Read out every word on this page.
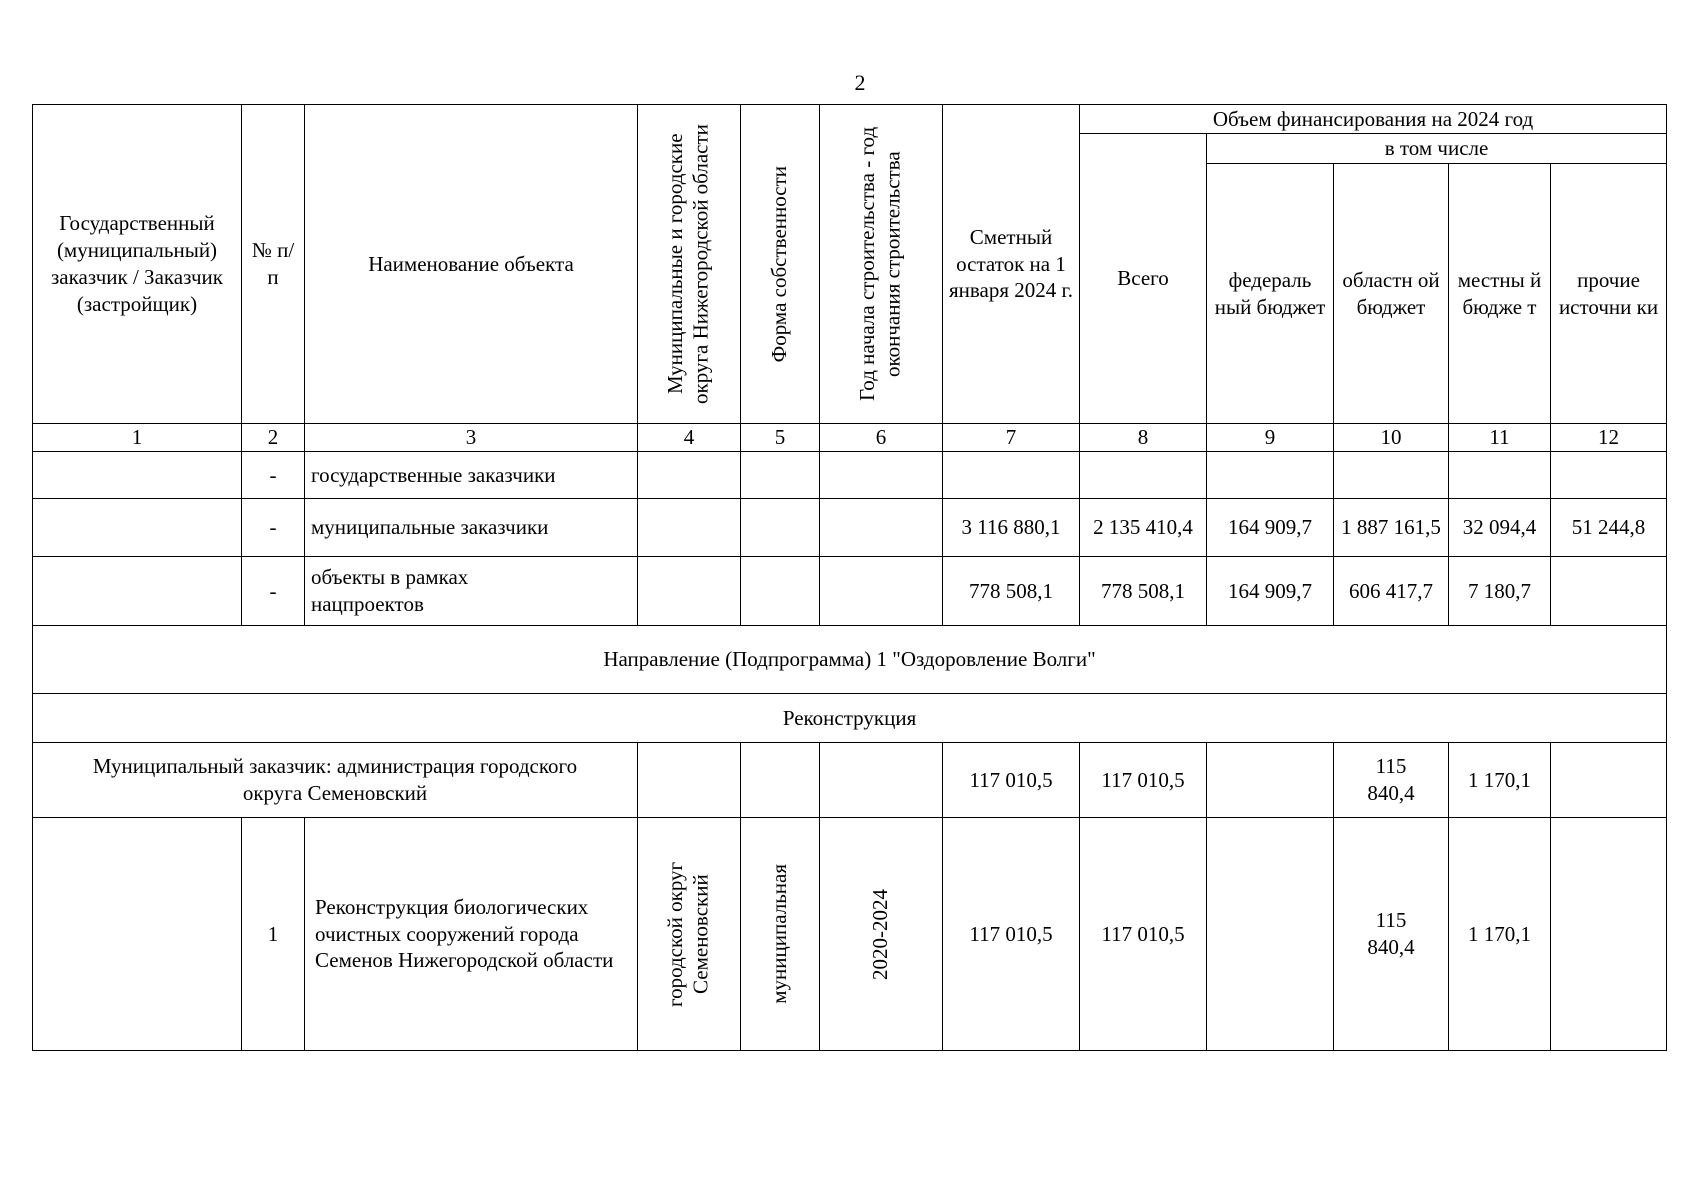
2
Государственный (муниципальный) заказчик / Заказчик (застройщик)	№ п/п	Наименование объекта	Муниципальные и городские округа Нижегородской области	Форма собственности	Год начала строительства - год окончания строительства	Сметный остаток на 1 января 2024 г.	Объем финансирования на 2024 год				
							Всего	в том числе			
								федераль ный бюджет	областн ой бюджет	местны й бюдже т	прочие источни ки
1	2	3	4	5	6	7	8	9	10	11	12
	-	государственные заказчики									
	-	муниципальные заказчики				3 116 880,1	2 135 410,4	164 909,7	1 887 161,5	32 094,4	51 244,8
	-	объекты в рамках нацпроектов				778 508,1	778 508,1	164 909,7	606 417,7	7 180,7	
Направление (Подпрограмма) 1 "Оздоровление Волги"											
Реконструкция											
Муниципальный заказчик: администрация городского округа Семеновский						117 010,5	117 010,5		115 840,4	1 170,1	
	1	Реконструкция биологических очистных сооружений города Семенов Нижегородской области	городской округ Семеновский	муниципальная	2020-2024	117 010,5	117 010,5		115 840,4	1 170,1	
